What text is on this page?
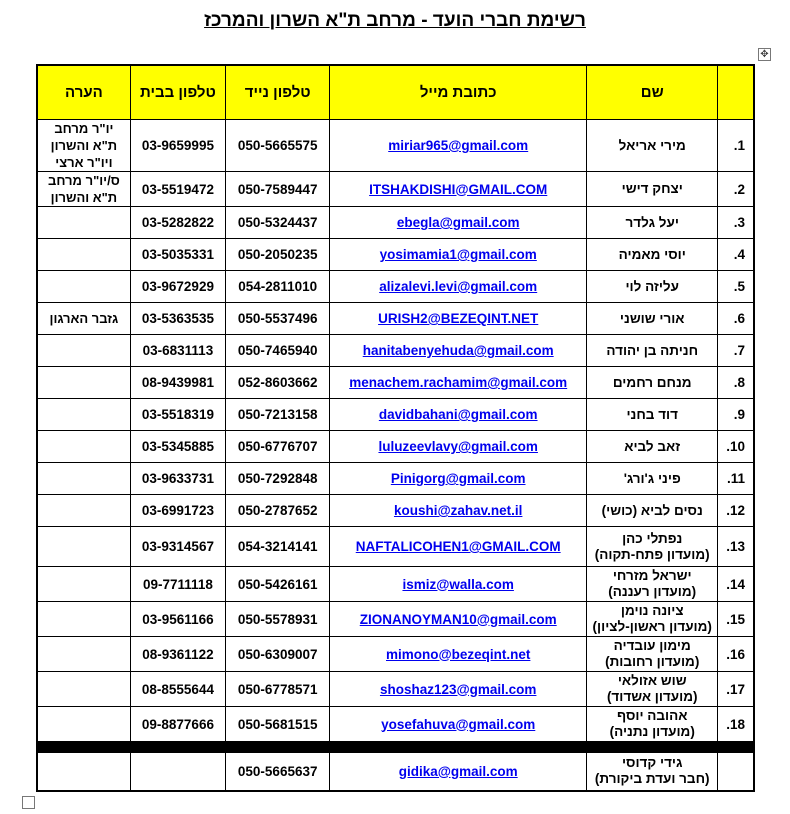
רשימת חברי הועד - מרחב ת"א השרון והמרכז
✥
	שם	כתובת מייל	טלפון נייד	טלפון בבית	הערה
1.	מירי אריאל	miriar965@gmail.com	050-5665575	03-9659995	יו"ר מרחב ת"א והשרון ויו"ר ארצי
2.	יצחק דישי	ITSHAKDISHI@GMAIL.COM	050-7589447	03-5519472	ס/יו"ר מרחב ת"א והשרון
3.	יעל גלדר	ebegla@gmail.com	050-5324437	03-5282822	
4.	יוסי מאמיה	yosimamia1@gmail.com	050-2050235	03-5035331	
5.	עליזה לוי	alizalevi.levi@gmail.com	054-2811010	03-9672929	
6.	אורי שושני	URISH2@BEZEQINT.NET	050-5537496	03-5363535	גזבר הארגון
7.	חניתה בן יהודה	hanitabenyehuda@gmail.com	050-7465940	03-6831113	
8.	מנחם רחמים	menachem.rachamim@gmail.com	052-8603662	08-9439981	
9.	דוד בחני	davidbahani@gmail.com	050-7213158	03-5518319	
10.	זאב לביא	luluzeevlavy@gmail.com	050-6776707	03-5345885	
11.	פיני ג'ורג'	Pinigorg@gmail.com	050-7292848	03-9633731	
12.	נסים לביא (כושי)	koushi@zahav.net.il	050-2787652	03-6991723	
13.	נפתלי כהן
(מועדון פתח-תקוה)	NAFTALICOHEN1@GMAIL.COM	054-3214141	03-9314567	
14.	ישראל מזרחי
(מועדון רעננה)	ismiz@walla.com	050-5426161	09-7711118	
15.	ציונה נוימן
(מועדון ראשון-לציון)	ZIONANOYMAN10@gmail.com	050-5578931	03-9561166	
16.	מימון עובדיה
(מועדון רחובות)	mimono@bezeqint.net	050-6309007	08-9361122	
17.	שוש אזולאי
(מועדון אשדוד)	shoshaz123@gmail.com	050-6778571	08-8555644	
18.	אהובה יוסף
(מועדון נתניה)	yosefahuva@gmail.com	050-5681515	09-8877666	

	גידי קדוסי
(חבר ועדת ביקורת)	gidika@gmail.com	050-5665637		
